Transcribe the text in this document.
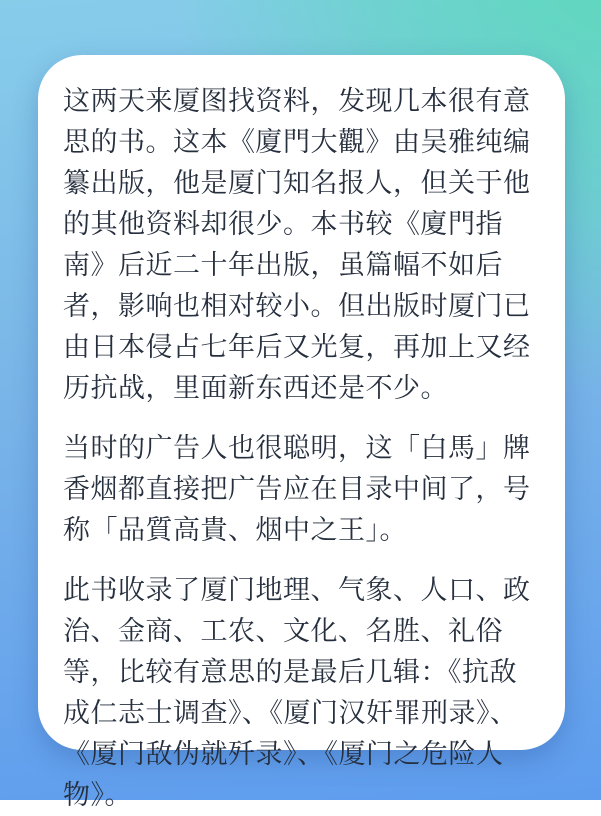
这两天来厦图找资料，发现几本很有意思的书。这本《廈門大觀》由吴雅纯编纂出版，他是厦门知名报人，但关于他的其他资料却很少。本书较《廈門指南》后近二十年出版，虽篇幅不如后者，影响也相对较小。但出版时厦门已由日本侵占七年后又光复，再加上又经历抗战，里面新东西还是不少。

当时的广告人也很聪明，这「白馬」牌香烟都直接把广告应在目录中间了，号称「品質高貴、烟中之王」。

此书收录了厦门地理、气象、人口、政治、金商、工农、文化、名胜、礼俗等，比较有意思的是最后几辑：《抗敌成仁志士调查》、《厦门汉奸罪刑录》、《厦门敌伪就歼录》、《厦门之危险人物》。
